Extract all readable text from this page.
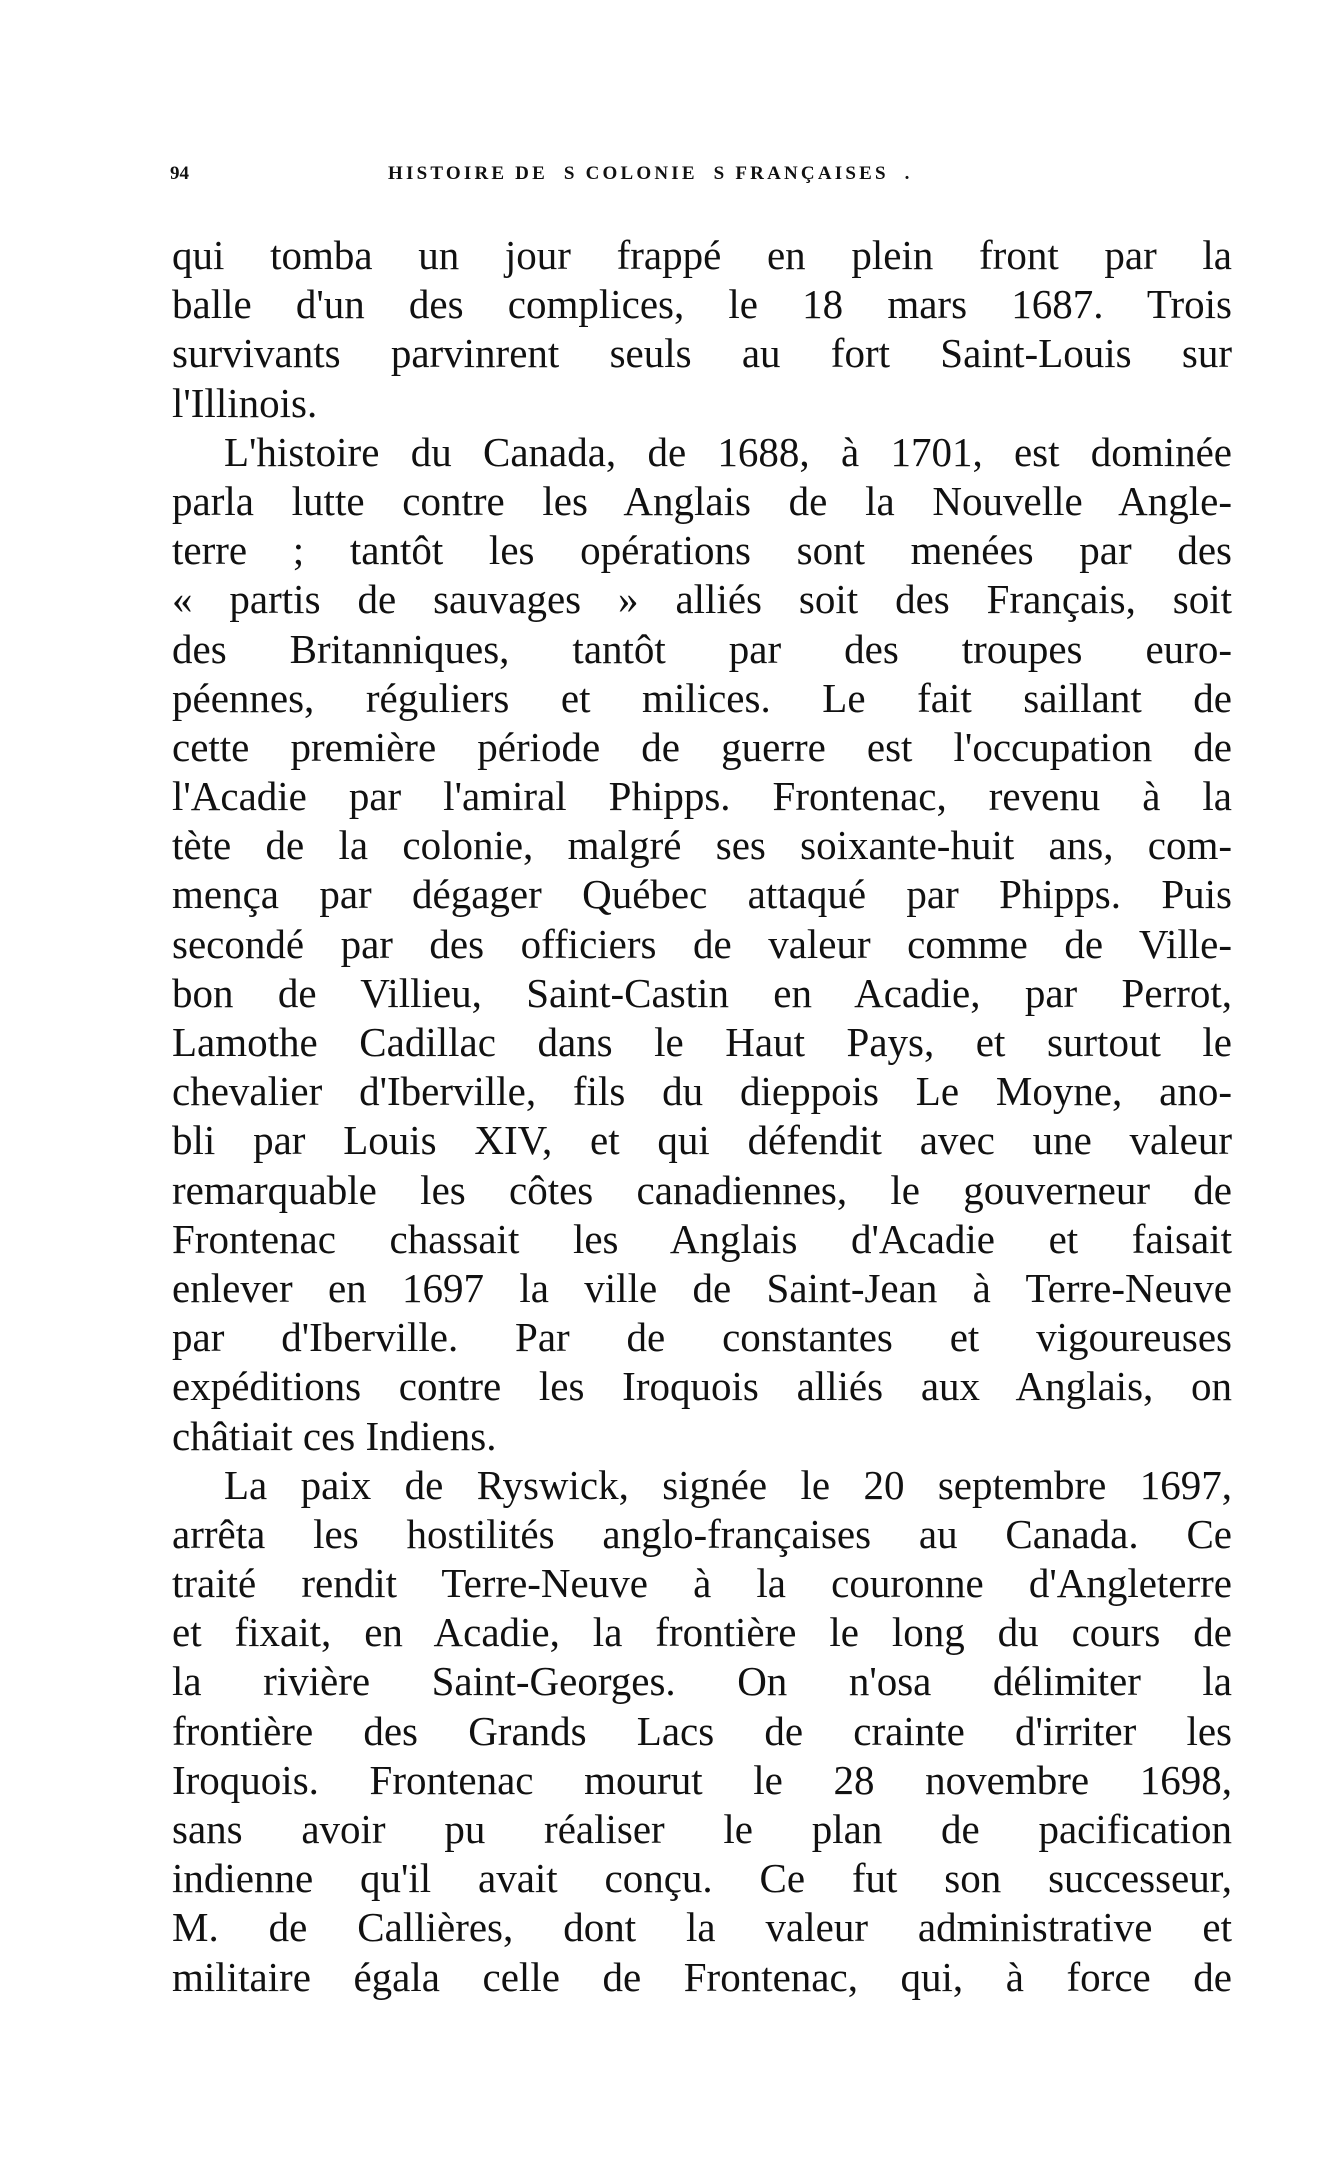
94	HISTOIRE DE  S COLONIE  S FRANÇAISES  .
qui tomba un jour frappé en plein front par la
balle d'un des complices, le 18 mars 1687. Trois
survivants parvinrent seuls au fort Saint-Louis sur
l'Illinois.
L'histoire du Canada, de 1688, à 1701, est dominée
parla lutte contre les Anglais de la Nouvelle Angle-
terre ; tantôt les opérations sont menées par des
« partis de sauvages » alliés soit des Français, soit
des Britanniques, tantôt par des troupes euro-
péennes, réguliers et milices. Le fait saillant de
cette première période de guerre est l'occupation de
l'Acadie par l'amiral Phipps. Frontenac, revenu à la
tète de la colonie, malgré ses soixante-huit ans, com-
mença par dégager Québec attaqué par Phipps. Puis
secondé par des officiers de valeur comme de Ville-
bon de Villieu, Saint-Castin en Acadie, par Perrot,
Lamothe Cadillac dans le Haut Pays, et surtout le
chevalier d'Iberville, fils du dieppois Le Moyne, ano-
bli par Louis XIV, et qui défendit avec une valeur
remarquable les côtes canadiennes, le gouverneur de
Frontenac chassait les Anglais d'Acadie et faisait
enlever en 1697 la ville de Saint-Jean à Terre-Neuve
par d'Iberville. Par de constantes et vigoureuses
expéditions contre les Iroquois alliés aux Anglais, on
châtiait ces Indiens.
La paix de Ryswick, signée le 20 septembre 1697,
arrêta les hostilités anglo-françaises au Canada. Ce
traité rendit Terre-Neuve à la couronne d'Angleterre
et fixait, en Acadie, la frontière le long du cours de
la rivière Saint-Georges. On n'osa délimiter la
frontière des Grands Lacs de crainte d'irriter les
Iroquois. Frontenac mourut le 28 novembre 1698,
sans avoir pu réaliser le plan de pacification
indienne qu'il avait conçu. Ce fut son successeur,
M. de Callières, dont la valeur administrative et
militaire égala celle de Frontenac, qui, à force de
